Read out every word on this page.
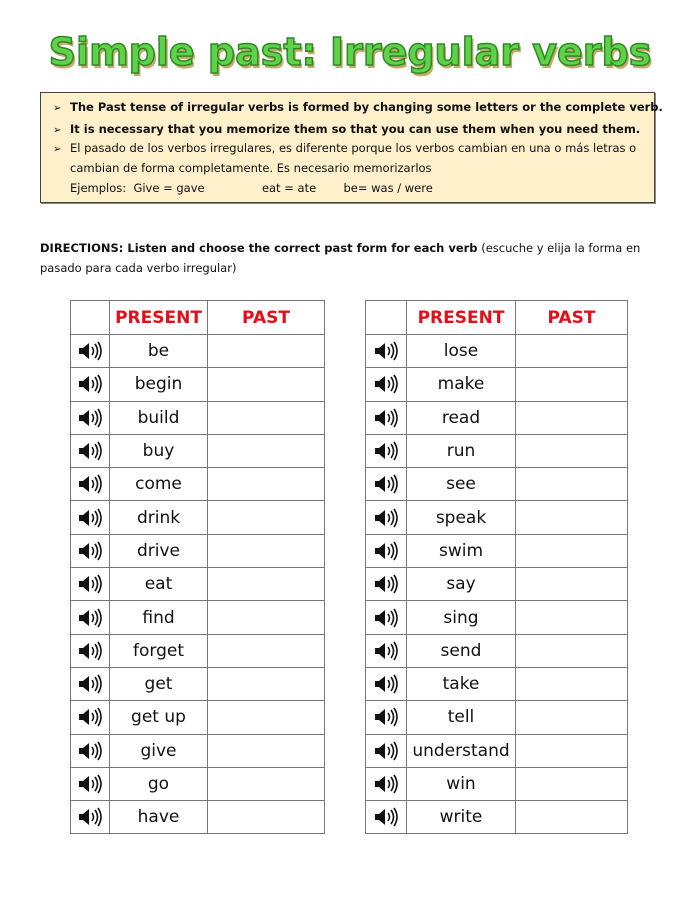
Simple past: Irregular verbs
➢ The Past tense of irregular verbs is formed by changing some letters or the complete verb.
➢ It is necessary that you memorize them so that you can use them when you need them.
➢ El pasado de los verbos irregulares, es diferente porque los verbos cambian en una o más letras o
cambian de forma completamente. Es necesario memorizarlos
Ejemplos: Give = gave	eat = ate be= was / were
DIRECTIONS: Listen and choose the correct past form for each verb (escuche y elija la forma en pasado para cada verbo irregular)
	PRESENT	PAST
	be	
	begin	
	build	
	buy	
	come	
	drink	
	drive	
	eat	
	find	
	forget	
	get	
	get up	
	give	
	go	
	have	
	PRESENT	PAST
	lose	
	make	
	read	
	run	
	see	
	speak	
	swim	
	say	
	sing	
	send	
	take	
	tell	
	understand	
	win	
	write	
